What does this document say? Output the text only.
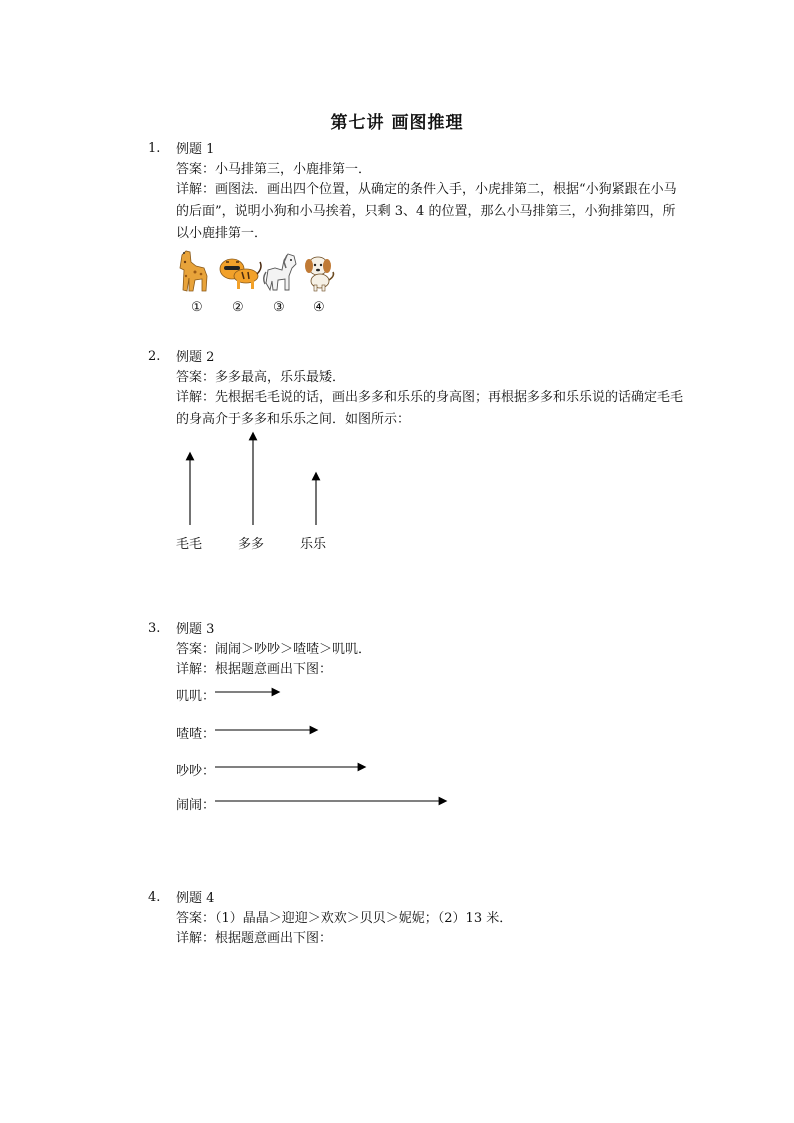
第七讲 画图推理
1. 例题 1
答案：小马排第三，小鹿排第一．
详解：画图法．画出四个位置，从确定的条件入手，小虎排第二，根据“小狗紧跟在小马的后面”，说明小狗和小马挨着，只剩 3、4 的位置，那么小马排第三，小狗排第四，所以小鹿排第一．
① ② ③ ④
2. 例题 2
答案：多多最高，乐乐最矮．
详解：先根据毛毛说的话，画出多多和乐乐的身高图；再根据多多和乐乐说的话确定毛毛的身高介于多多和乐乐之间．如图所示：
毛毛	多多	乐乐
3. 例题 3
答案：闹闹＞吵吵＞喳喳＞叽叽．
详解：根据题意画出下图：
叽叽：
喳喳：
吵吵：
闹闹：
4. 例题 4
答案：（1）晶晶＞迎迎＞欢欢＞贝贝＞妮妮；（2）13 米．
详解：根据题意画出下图：
